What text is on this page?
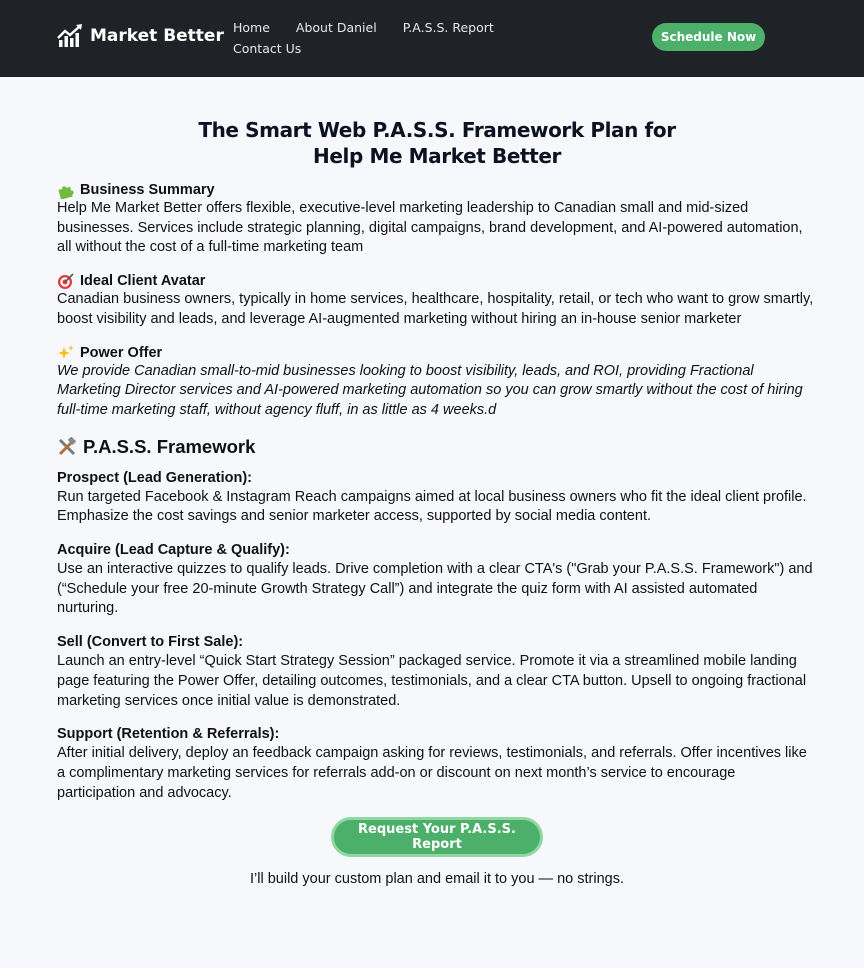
Market Better Home About Daniel P.A.S.S. Report
Contact Us
Schedule Now
The Smart Web P.A.S.S. Framework Plan for
Help Me Market Better
Business Summary

Help Me Market Better offers flexible, executive-level marketing leadership to Canadian small and mid-sized businesses. Services include strategic planning, digital campaigns, brand development, and AI-powered automation, all without the cost of a full-time marketing team

Ideal Client Avatar

Canadian business owners, typically in home services, healthcare, hospitality, retail, or tech who want to grow smartly, boost visibility and leads, and leverage AI-augmented marketing without hiring an in-house senior marketer

Power Offer

We provide Canadian small-to-mid businesses looking to boost visibility, leads, and ROI, providing Fractional Marketing Director services and AI-powered marketing automation so you can grow smartly without the cost of hiring full-time marketing staff, without agency fluff, in as little as 4 weeks.d

P.A.S.S. Framework
Prospect (Lead Generation):

Run targeted Facebook & Instagram Reach campaigns aimed at local business owners who fit the ideal client profile. Emphasize the cost savings and senior marketer access, supported by social media content.

Acquire (Lead Capture & Qualify):

Use an interactive quizzes to qualify leads. Drive completion with a clear CTA's ("Grab your P.A.S.S. Framework") and (“Schedule your free 20-minute Growth Strategy Call”) and integrate the quiz form with AI assisted automated nurturing.

Sell (Convert to First Sale):

Launch an entry-level “Quick Start Strategy Session” packaged service. Promote it via a streamlined mobile landing page featuring the Power Offer, detailing outcomes, testimonials, and a clear CTA button. Upsell to ongoing fractional marketing services once initial value is demonstrated.

Support (Retention & Referrals):

After initial delivery, deploy an feedback campaign asking for reviews, testimonials, and referrals. Offer incentives like a complimentary marketing services for referrals add-on or discount on next month’s service to encourage participation and advocacy.

Request Your P.A.S.S. Report
I’ll build your custom plan and email it to you — no strings.
